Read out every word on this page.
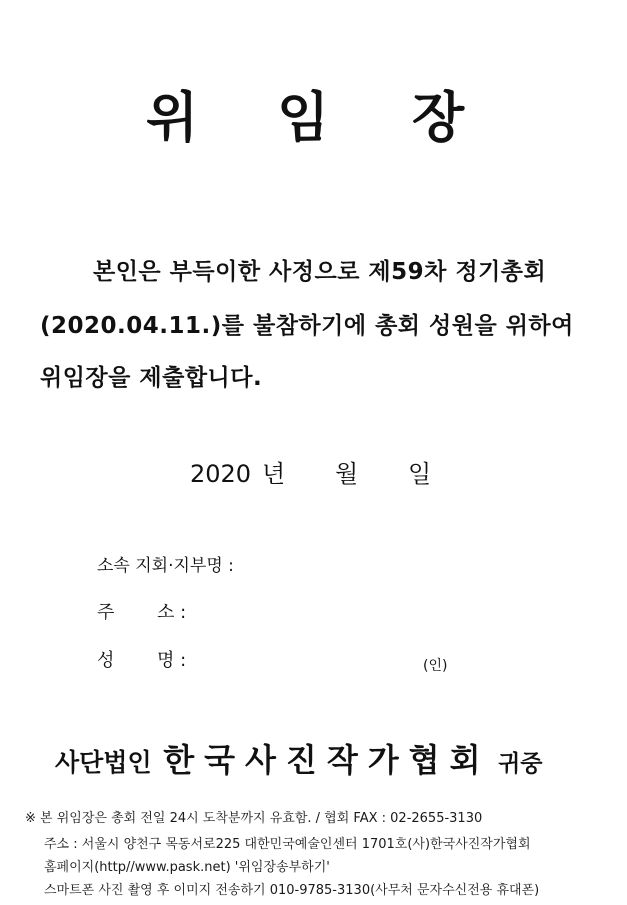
위 임 장
본인은 부득이한 사정으로 제59차 정기총회
(2020.04.11.)를 불참하기에 총회 성원을 위하여
위임장을 제출합니다.
2020 년 월 일
소속 지회·지부명 :
주 소 :
성 명 :	(인)
사단법인 한국사진작가협회 귀중
※ 본 위임장은 총회 전일 24시 도착분까지 유효함. / 협회 FAX : 02-2655-3130
주소 : 서울시 양천구 목동서로225 대한민국예술인센터 1701호(사)한국사진작가협회
홈페이지(http//www.pask.net) '위임장송부하기'
스마트폰 사진 촬영 후 이미지 전송하기 010-9785-3130(사무처 문자수신전용 휴대폰)
